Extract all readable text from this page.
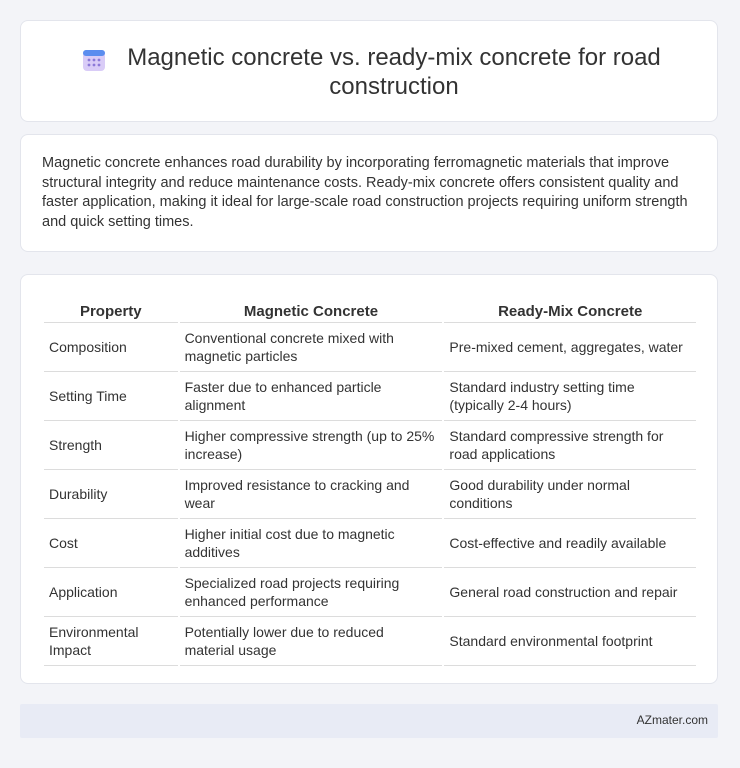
Magnetic concrete vs. ready-mix concrete for road construction

Magnetic concrete enhances road durability by incorporating ferromagnetic materials that improve structural integrity and reduce maintenance costs. Ready-mix concrete offers consistent quality and faster application, making it ideal for large-scale road construction projects requiring uniform strength and quick setting times.

Property	Magnetic Concrete	Ready-Mix Concrete
Composition	Conventional concrete mixed with magnetic particles	Pre-mixed cement, aggregates, water
Setting Time	Faster due to enhanced particle alignment	Standard industry setting time (typically 2-4 hours)
Strength	Higher compressive strength (up to 25% increase)	Standard compressive strength for road applications
Durability	Improved resistance to cracking and wear	Good durability under normal conditions
Cost	Higher initial cost due to magnetic additives	Cost-effective and readily available
Application	Specialized road projects requiring enhanced performance	General road construction and repair
Environmental Impact	Potentially lower due to reduced material usage	Standard environmental footprint
AZmater.com
